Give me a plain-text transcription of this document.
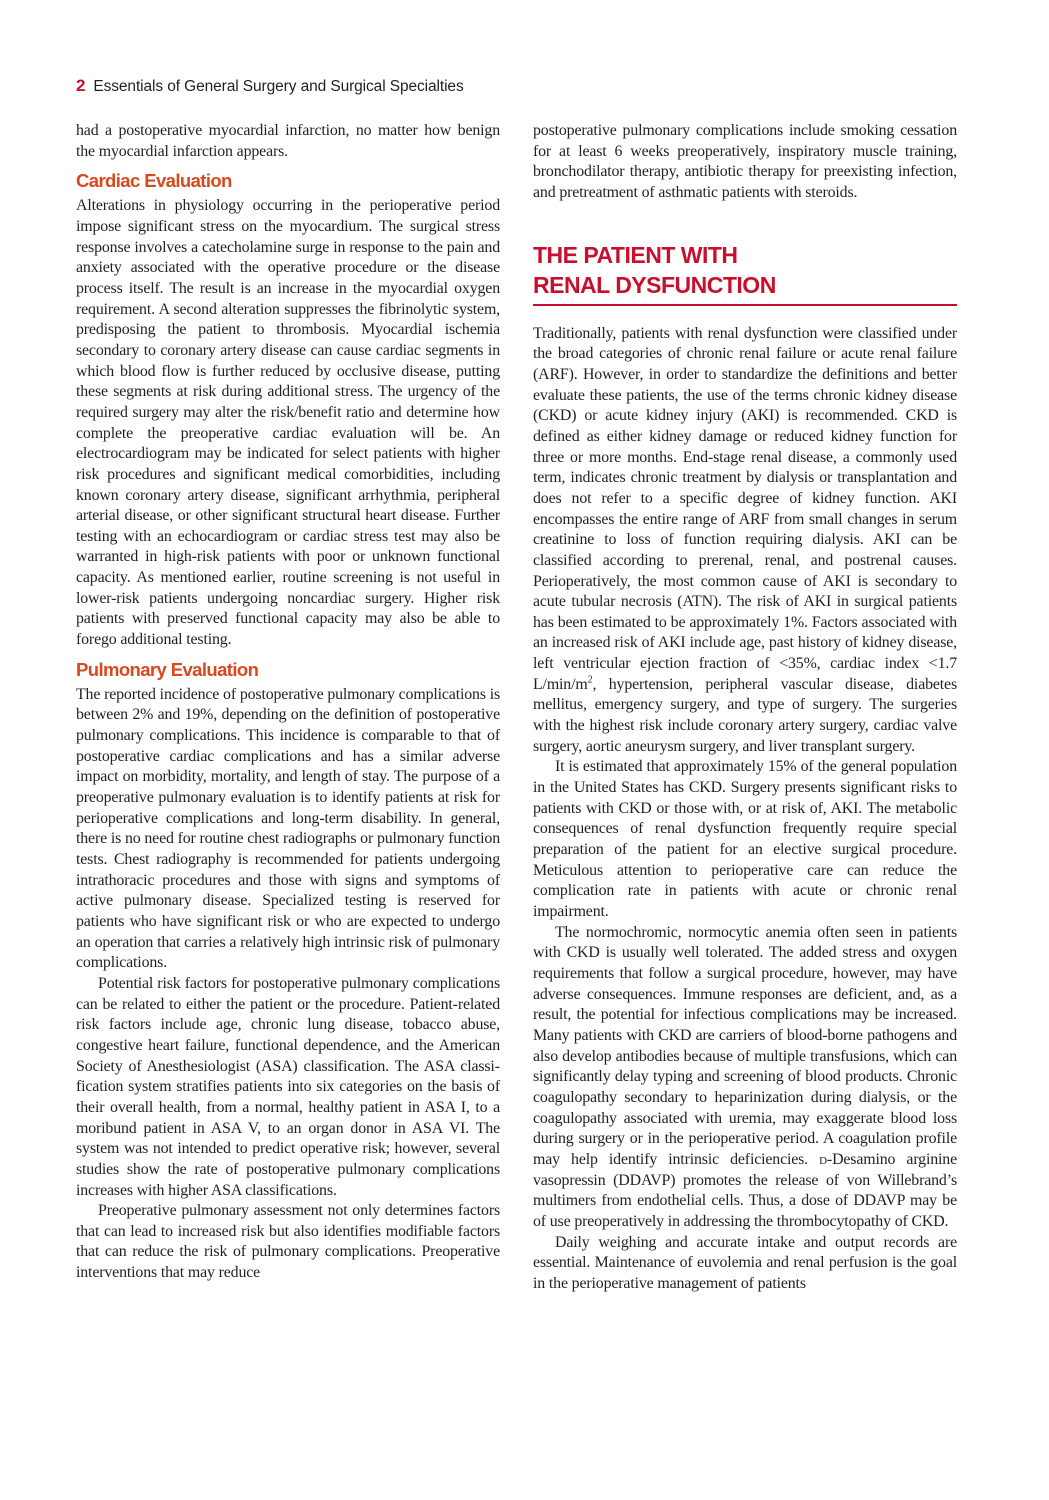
2 Essentials of General Surgery and Surgical Specialties

had a postoperative myocardial infarction, no matter how benign the myocardial infarction appears.

Cardiac Evaluation

Alterations in physiology occurring in the perioperative period impose significant stress on the myocardium. The surgical stress response involves a catecholamine surge in response to the pain and anxiety associated with the operative procedure or the disease process itself. The result is an increase in the myocardial oxygen requirement. A second alteration suppresses the fibrinolytic system, predisposing the patient to thrombosis. Myocardial ischemia secondary to coronary artery disease can cause cardiac segments in which blood flow is further reduced by occlusive disease, putting these segments at risk during additional stress. The urgency of the required surgery may alter the risk/benefit ratio and determine how complete the preoperative cardiac evaluation will be. An electrocardiogram may be indicated for select patients with higher risk procedures and significant medical comorbidities, including known coronary artery disease, significant arrhythmia, peripheral arterial disease, or other significant structural heart disease. Further testing with an echocardiogram or cardiac stress test may also be warranted in high-risk patients with poor or unknown functional capacity. As mentioned earlier, routine screening is not useful in lower-risk patients undergoing noncardiac surgery. Higher risk patients with preserved functional capacity may also be able to forego additional testing.

Pulmonary Evaluation

The reported incidence of postoperative pulmonary complications is between 2% and 19%, depending on the definition of postoperative pulmonary complications. This incidence is comparable to that of postoperative cardiac complications and has a similar adverse impact on morbidity, mortality, and length of stay. The purpose of a preoperative pulmonary evaluation is to identify patients at risk for perioperative complications and long-term disability. In general, there is no need for routine chest radiographs or pulmonary function tests. Chest radiography is recommended for patients undergoing intrathoracic procedures and those with signs and symptoms of active pulmonary disease. Specialized testing is reserved for patients who have significant risk or who are expected to undergo an operation that carries a relatively high intrinsic risk of pulmonary complications.

Potential risk factors for postoperative pulmonary complications can be related to either the patient or the procedure. Patient-related risk factors include age, chronic lung disease, tobacco abuse, congestive heart failure, functional dependence, and the American Society of Anesthesiologist (ASA) classification. The ASA classification system stratifies patients into six categories on the basis of their overall health, from a normal, healthy patient in ASA I, to a moribund patient in ASA V, to an organ donor in ASA VI. The system was not intended to predict operative risk; however, several studies show the rate of postoperative pulmonary complications increases with higher ASA classifications.

Preoperative pulmonary assessment not only determines factors that can lead to increased risk but also identifies modifiable factors that can reduce the risk of pulmonary complications. Preoperative interventions that may reduce

postoperative pulmonary complications include smoking cessation for at least 6 weeks preoperatively, inspiratory muscle training, bronchodilator therapy, antibiotic therapy for preexisting infection, and pretreatment of asthmatic patients with steroids.

THE PATIENT WITH
RENAL DYSFUNCTION

Traditionally, patients with renal dysfunction were classified under the broad categories of chronic renal failure or acute renal failure (ARF). However, in order to standardize the definitions and better evaluate these patients, the use of the terms chronic kidney disease (CKD) or acute kidney injury (AKI) is recommended. CKD is defined as either kidney damage or reduced kidney function for three or more months. End-stage renal disease, a commonly used term, indicates chronic treatment by dialysis or transplantation and does not refer to a specific degree of kidney function. AKI encompasses the entire range of ARF from small changes in serum creatinine to loss of function requiring dialysis. AKI can be classified according to prerenal, renal, and postrenal causes. Perioperatively, the most common cause of AKI is secondary to acute tubular necrosis (ATN). The risk of AKI in surgical patients has been estimated to be approximately 1%. Factors associated with an increased risk of AKI include age, past history of kidney disease, left ventricular ejection fraction of <35%, cardiac index <1.7 $L/\min/m^2$, hypertension, peripheral vascular disease, diabetes mellitus, emergency surgery, and type of surgery. The surgeries with the highest risk include coronary artery surgery, cardiac valve surgery, aortic aneurysm surgery, and liver transplant surgery.

It is estimated that approximately 15% of the general population in the United States has CKD. Surgery presents significant risks to patients with CKD or those with, or at risk of, AKI. The metabolic consequences of renal dysfunction frequently require special preparation of the patient for an elective surgical procedure. Meticulous attention to perioperative care can reduce the complication rate in patients with acute or chronic renal impairment.

The normochromic, normocytic anemia often seen in patients with CKD is usually well tolerated. The added stress and oxygen requirements that follow a surgical procedure, however, may have adverse consequences. Immune responses are deficient, and, as a result, the potential for infectious complications may be increased. Many patients with CKD are carriers of blood-borne pathogens and also develop antibodies because of multiple transfusions, which can significantly delay typing and screening of blood products. Chronic coagulopathy secondary to heparinization during dialysis, or the coagulopathy associated with uremia, may exaggerate blood loss during surgery or in the perioperative period. A coagulation profile may help identify intrinsic deficiencies. d-Desamino arginine vasopressin (DDAVP) promotes the release of von Willebrand’s multimers from endothelial cells. Thus, a dose of DDAVP may be of use preoperatively in addressing the thrombocytopathy of CKD.

Daily weighing and accurate intake and output records are essential. Maintenance of euvolemia and renal perfusion is the goal in the perioperative management of patients
